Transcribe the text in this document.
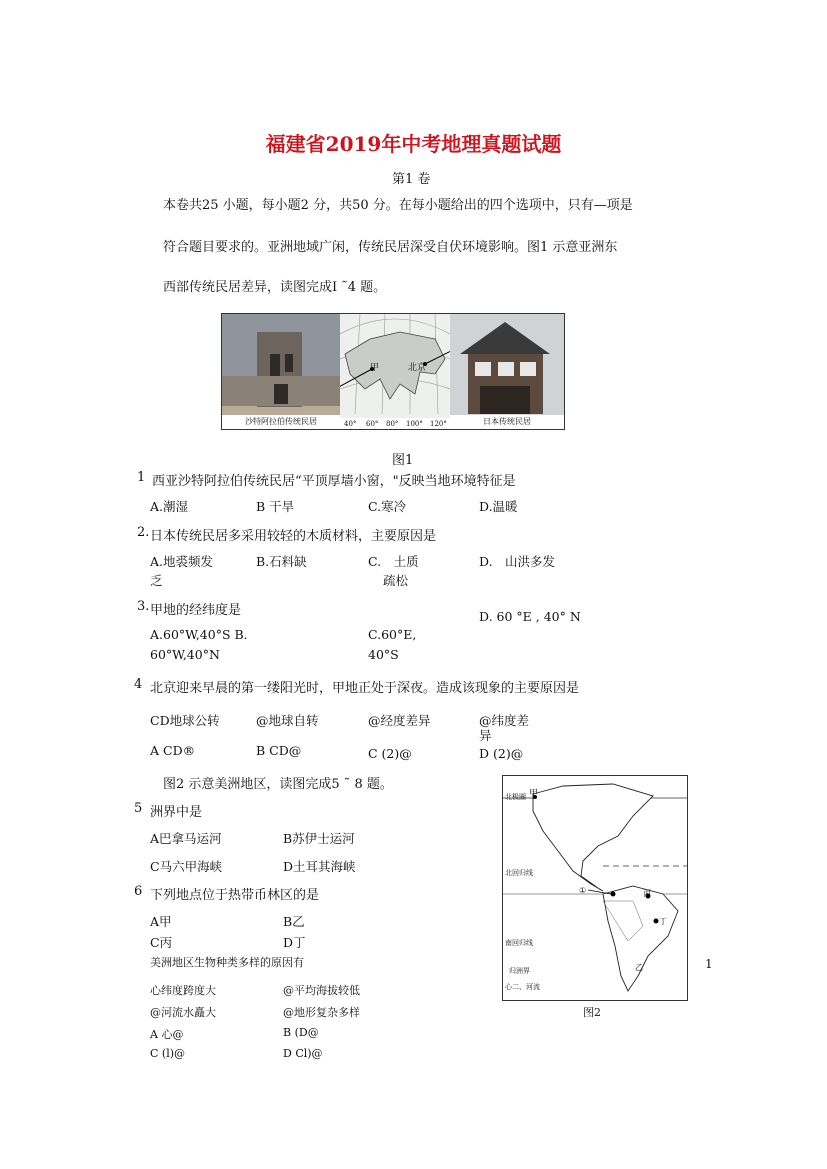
福建省2019年中考地理真题试题
第1 卷
本卷共25 小题，每小题2 分，共50 分。在每小题给出的四个选项中，只有—项是
符合题目要求的。亚洲地域广闲，传统民居深受自伏环境影响。图1 示意亚洲东
西部传统民居差异，读图完成I ˜4 题。
沙特阿拉伯传统民居
甲	北京
40° 60° 80° 100° 120°	日本传统民居
图1
1 西亚沙特阿拉伯传统民居“平顶厚墙小窗，"反映当地环境特征是
A.潮湿	B 干旱	C.寒冷	D.温暖
2. 日本传统民居多采用较轻的木质材料，主要原因是
A.地裘频发
乏
B.石料缺	C.　土质
疏松
D.　山洪多发
3. 甲地的经纬度是
A.60°W,40°S B.
60°W,40°N
C.60°E,
40°S
D. 60 °E , 40° N
4 北京迎来早晨的第一缕阳光时，甲地正处于深夜。造成该现象的主要原因是
CD地球公转	@地球自转	@经度差异	@纬度差
异
A CD®	B CD@	C (2)@	D (2)@
图2 示意美洲地区，读图完成5 ˜ 8 题。
5 洲界中是
A巴拿马运河	B苏伊士运河
C马六甲海峡	D土耳其海峡
6 下列地点位于热带币林区的是
A甲	B乙
C丙	D丁
美洲地区生物种类多样的原因有
心纬度跨度大	@平均海拔较低
@河流水矗大	@地形复杂多样
A 心@	B (D@
C (l)@	D Cl)@
北极圈 甲
北回归线
①	丙
丁
南回归线
乙
归洲界
心二、河流
图2
1
